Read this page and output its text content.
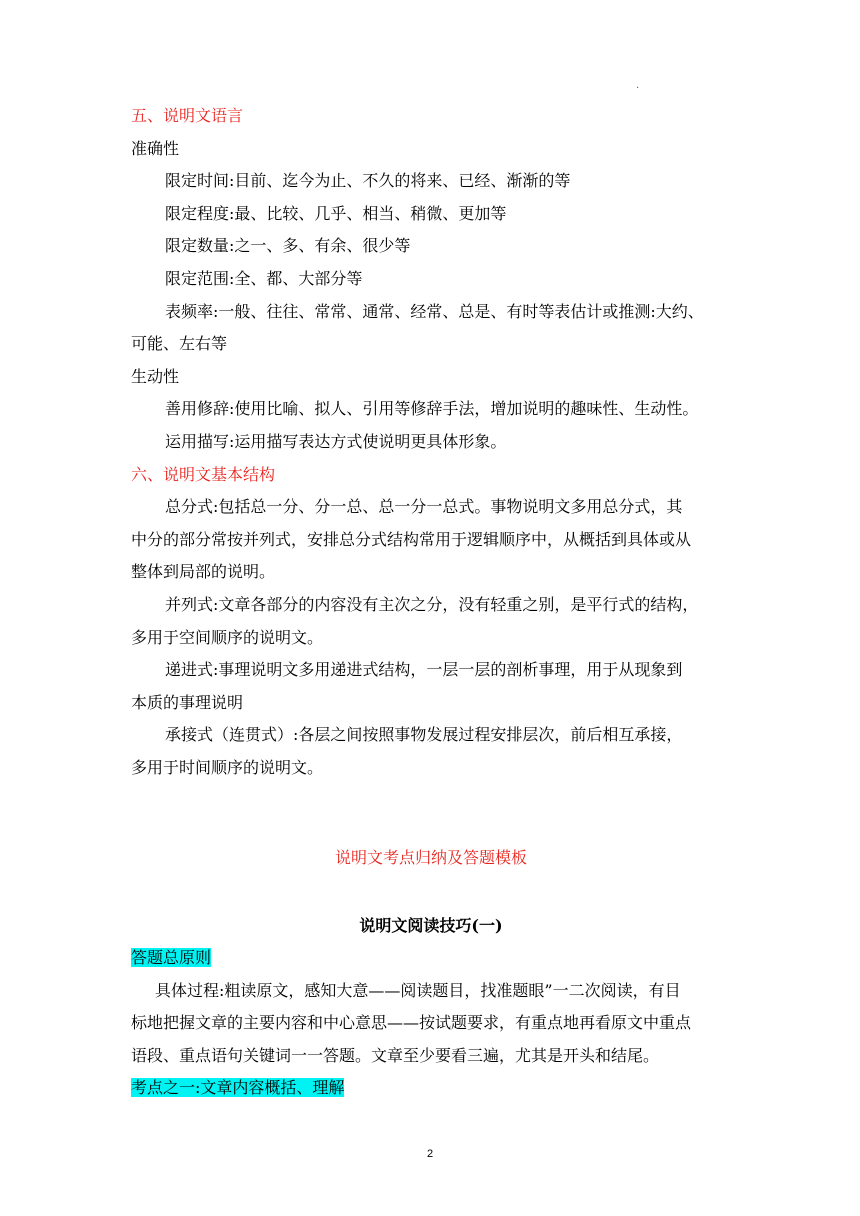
.
五、说明文语言
准确性
限定时间:目前、迄今为止、不久的将来、已经、渐渐的等
限定程度:最、比较、几乎、相当、稍微、更加等
限定数量:之一、多、有余、很少等
限定范围:全、都、大部分等
表频率:一般、往往、常常、通常、经常、总是、有时等表估计或推测:大约、
可能、左右等
生动性
善用修辞:使用比喻、拟人、引用等修辞手法，增加说明的趣味性、生动性。
运用描写:运用描写表达方式使说明更具体形象。
六、说明文基本结构
总分式:包括总一分、分一总、总一分一总式。事物说明文多用总分式，其
中分的部分常按并列式，安排总分式结构常用于逻辑顺序中，从概括到具体或从
整体到局部的说明。
并列式:文章各部分的内容没有主次之分，没有轻重之别，是平行式的结构，
多用于空间顺序的说明文。
递进式:事理说明文多用递进式结构，一层一层的剖析事理，用于从现象到
本质的事理说明
承接式（连贯式）:各层之间按照事物发展过程安排层次，前后相互承接，
多用于时间顺序的说明文。
说明文考点归纳及答题模板
说明文阅读技巧(一)
答题总原则
具体过程:粗读原文，感知大意——阅读题目，找准题眼”一二次阅读，有目
标地把握文章的主要内容和中心意思——按试题要求，有重点地再看原文中重点
语段、重点语句关键词一一答题。文章至少要看三遍，尤其是开头和结尾。
考点之一:文章内容概括、理解
2
